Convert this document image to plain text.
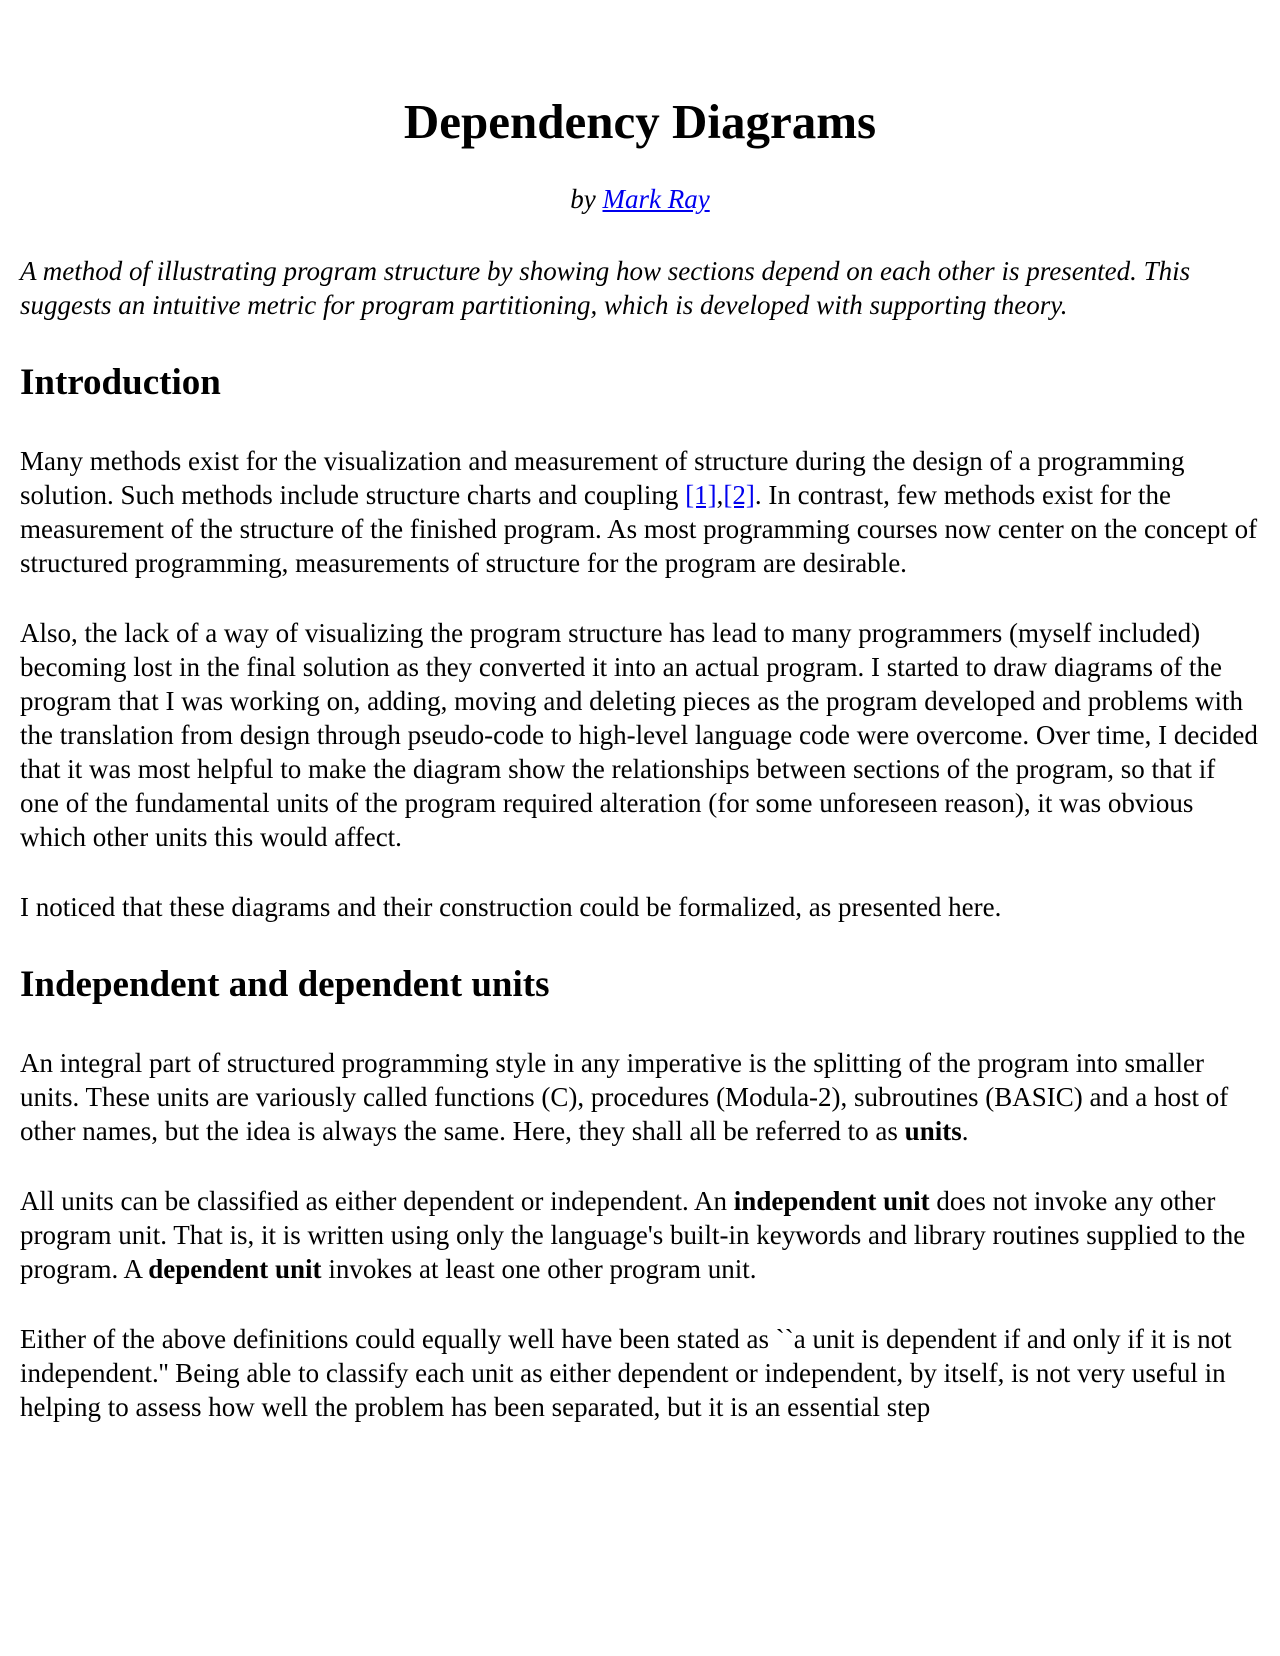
Dependency Diagrams
by Mark Ray
A method of illustrating program structure by showing how sections depend on each other is presented. This suggests an intuitive metric for program partitioning, which is developed with supporting theory.
Introduction

Many methods exist for the visualization and measurement of structure during the design of a programming solution. Such methods include structure charts and coupling [1],[2]. In contrast, few methods exist for the measurement of the structure of the finished program. As most programming courses now center on the concept of structured programming, measurements of structure for the program are desirable.

Also, the lack of a way of visualizing the program structure has lead to many programmers (myself included) becoming lost in the final solution as they converted it into an actual program. I started to draw diagrams of the program that I was working on, adding, moving and deleting pieces as the program developed and problems with the translation from design through pseudo-code to high-level language code were overcome. Over time, I decided that it was most helpful to make the diagram show the relationships between sections of the program, so that if one of the fundamental units of the program required alteration (for some unforeseen reason), it was obvious which other units this would affect.

I noticed that these diagrams and their construction could be formalized, as presented here.

Independent and dependent units

An integral part of structured programming style in any imperative is the splitting of the program into smaller units. These units are variously called functions (C), procedures (Modula-2), subroutines (BASIC) and a host of other names, but the idea is always the same. Here, they shall all be referred to as units.

All units can be classified as either dependent or independent. An independent unit does not invoke any other program unit. That is, it is written using only the language's built-in keywords and library routines supplied to the program. A dependent unit invokes at least one other program unit.

Either of the above definitions could equally well have been stated as ``a unit is dependent if and only if it is not independent.'' Being able to classify each unit as either dependent or independent, by itself, is not very useful in helping to assess how well the problem has been separated, but it is an essential step
